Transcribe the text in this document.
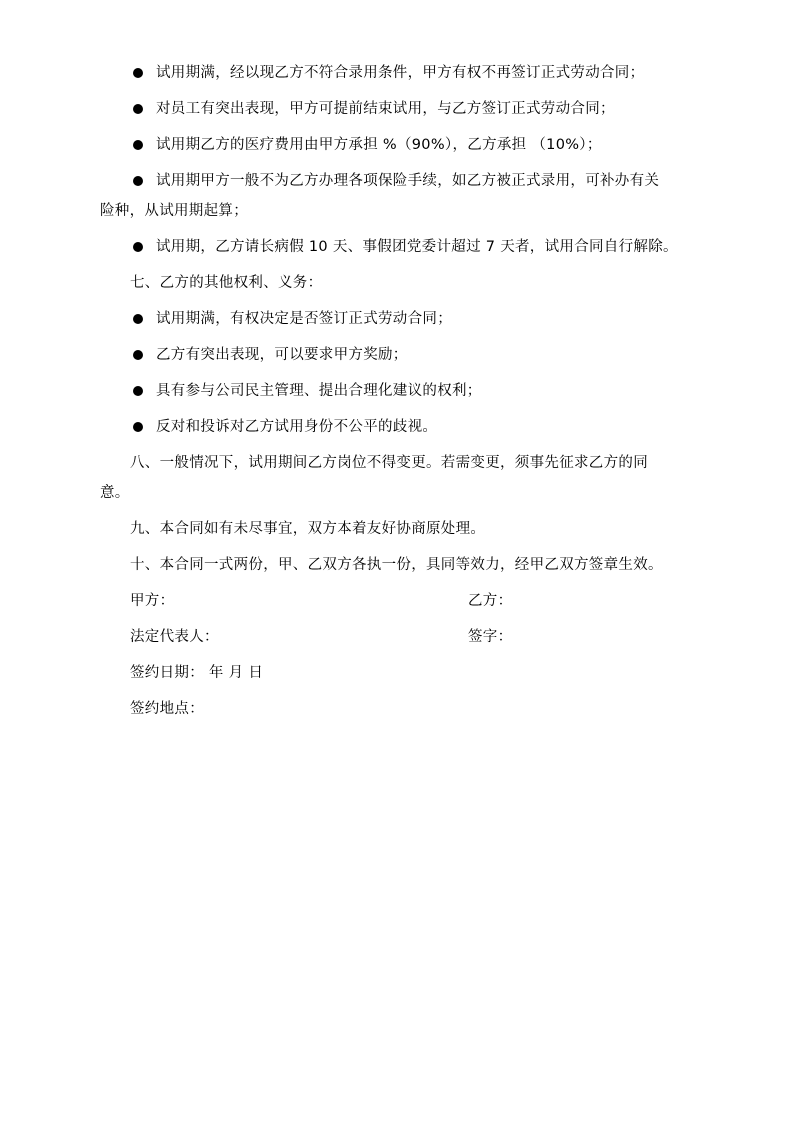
试用期满，经以现乙方不符合录用条件，甲方有权不再签订正式劳动合同；
对员工有突出表现，甲方可提前结束试用，与乙方签订正式劳动合同；
试用期乙方的医疗费用由甲方承担 %（90%），乙方承担 （10%）；
试用期甲方一般不为乙方办理各项保险手续，如乙方被正式录用，可补办有关
险种，从试用期起算；
试用期，乙方请长病假 10 天、事假团党委计超过 7 天者，试用合同自行解除。
七、乙方的其他权利、义务：
试用期满，有权决定是否签订正式劳动合同；
乙方有突出表现，可以要求甲方奖励；
具有参与公司民主管理、提出合理化建议的权利；
反对和投诉对乙方试用身份不公平的歧视。
八、一般情况下，试用期间乙方岗位不得变更。若需变更，须事先征求乙方的同
意。
九、本合同如有未尽事宜，双方本着友好协商原处理。
十、本合同一式两份，甲、乙双方各执一份，具同等效力，经甲乙双方签章生效。
甲方：	乙方：
法定代表人：	签字：
签约日期： 年 月 日
签约地点：
